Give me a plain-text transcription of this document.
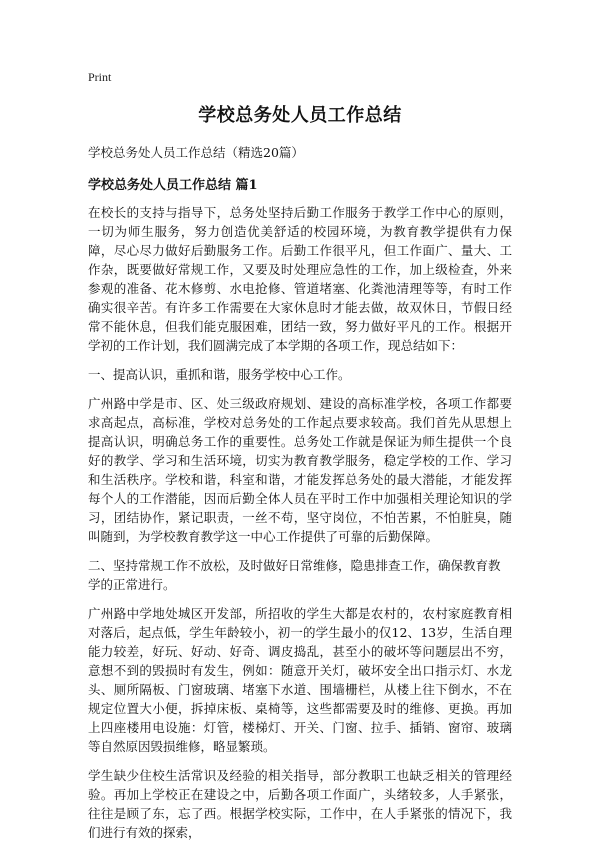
Print
学校总务处人员工作总结
学校总务处人员工作总结（精选20篇）
学校总务处人员工作总结 篇1

在校长的支持与指导下，总务处坚持后勤工作服务于教学工作中心的原则，一切为师生服务，努力创造优美舒适的校园环境，为教育教学提供有力保障，尽心尽力做好后勤服务工作。后勤工作很平凡，但工作面广、量大、工作杂，既要做好常规工作，又要及时处理应急性的工作，加上级检查，外来参观的准备、花木修剪、水电抢修、管道堵塞、化粪池清理等等，有时工作确实很辛苦。有许多工作需要在大家休息时才能去做，故双休日，节假日经常不能休息，但我们能克服困难，团结一致，努力做好平凡的工作。根据开学初的工作计划，我们圆满完成了本学期的各项工作，现总结如下：

一、提高认识，重抓和谐，服务学校中心工作。

广州路中学是市、区、处三级政府规划、建设的高标准学校，各项工作都要求高起点，高标准，学校对总务处的工作起点要求较高。我们首先从思想上提高认识，明确总务工作的重要性。总务处工作就是保证为师生提供一个良好的教学、学习和生活环境，切实为教育教学服务，稳定学校的工作、学习和生活秩序。学校和谐，科室和谐，才能发挥总务处的最大潜能，才能发挥每个人的工作潜能，因而后勤全体人员在平时工作中加强相关理论知识的学习，团结协作，紧记职责，一丝不苟，坚守岗位，不怕苦累，不怕脏臭，随叫随到，为学校教育教学这一中心工作提供了可靠的后勤保障。

二、坚持常规工作不放松，及时做好日常维修，隐患排查工作，确保教育教学的正常进行。

广州路中学地处城区开发部，所招收的学生大都是农村的，农村家庭教育相对落后，起点低，学生年龄较小，初一的学生最小的仅12、13岁，生活自理能力较差，好玩、好动、好奇、调皮捣乱，甚至小的破坏等问题层出不穷，意想不到的毁损时有发生，例如：随意开关灯，破坏安全出口指示灯、水龙头、厕所隔板、门窗玻璃、堵塞下水道、围墙栅栏，从楼上往下倒水，不在规定位置大小便，拆掉床板、桌椅等，这些都需要及时的维修、更换。再加上四座楼用电设施：灯管，楼梯灯、开关、门窗、拉手、插销、窗帘、玻璃等自然原因毁损维修，略显繁琐。

学生缺少住校生活常识及经验的相关指导，部分教职工也缺乏相关的管理经验。再加上学校正在建设之中，后勤各项工作面广，头绪较多，人手紧张，往往是顾了东，忘了西。根据学校实际，工作中，在人手紧张的情况下，我们进行有效的探索，
